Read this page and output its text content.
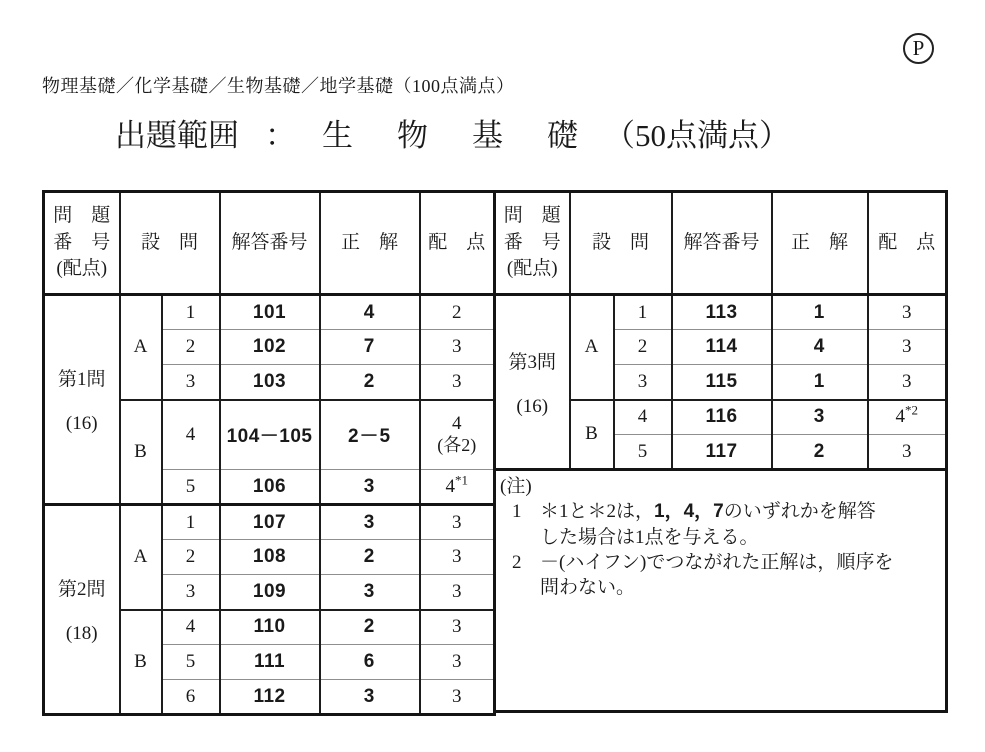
P
物理基礎／化学基礎／生物基礎／地学基礎（100点満点）
出題範囲 ： 生物基礎
（50点満点）
問　題
番　号
(配点)	設　問		解答番号	正　解	配　点

第1問
(16)	A	1	101	4	2
		2	102	7	3
		3	103	2	3
	B	4	104－105	2－5	4
(各2)

		5	106	3	4$^{*1}$

第2問
(18)	A	1	107	3	3
		2	108	2	3
		3	109	3	3
	B	4	110	2	3
		5	111	6	3
		6	112	3	3
問　題
番　号
(配点)	設　問		解答番号	正　解	配　点

第3問
(16)	A	1	113	1	3
		2	114	4	3
		3	115	1	3
	B	4	116	3	4$^{*2}$
		5	117	2	3

(注)
1 ＊1と＊2は，1，4，7のいずれかを解答
した場合は1点を与える。
2 －(ハイフン)でつながれた正解は，順序を
問わない。					
